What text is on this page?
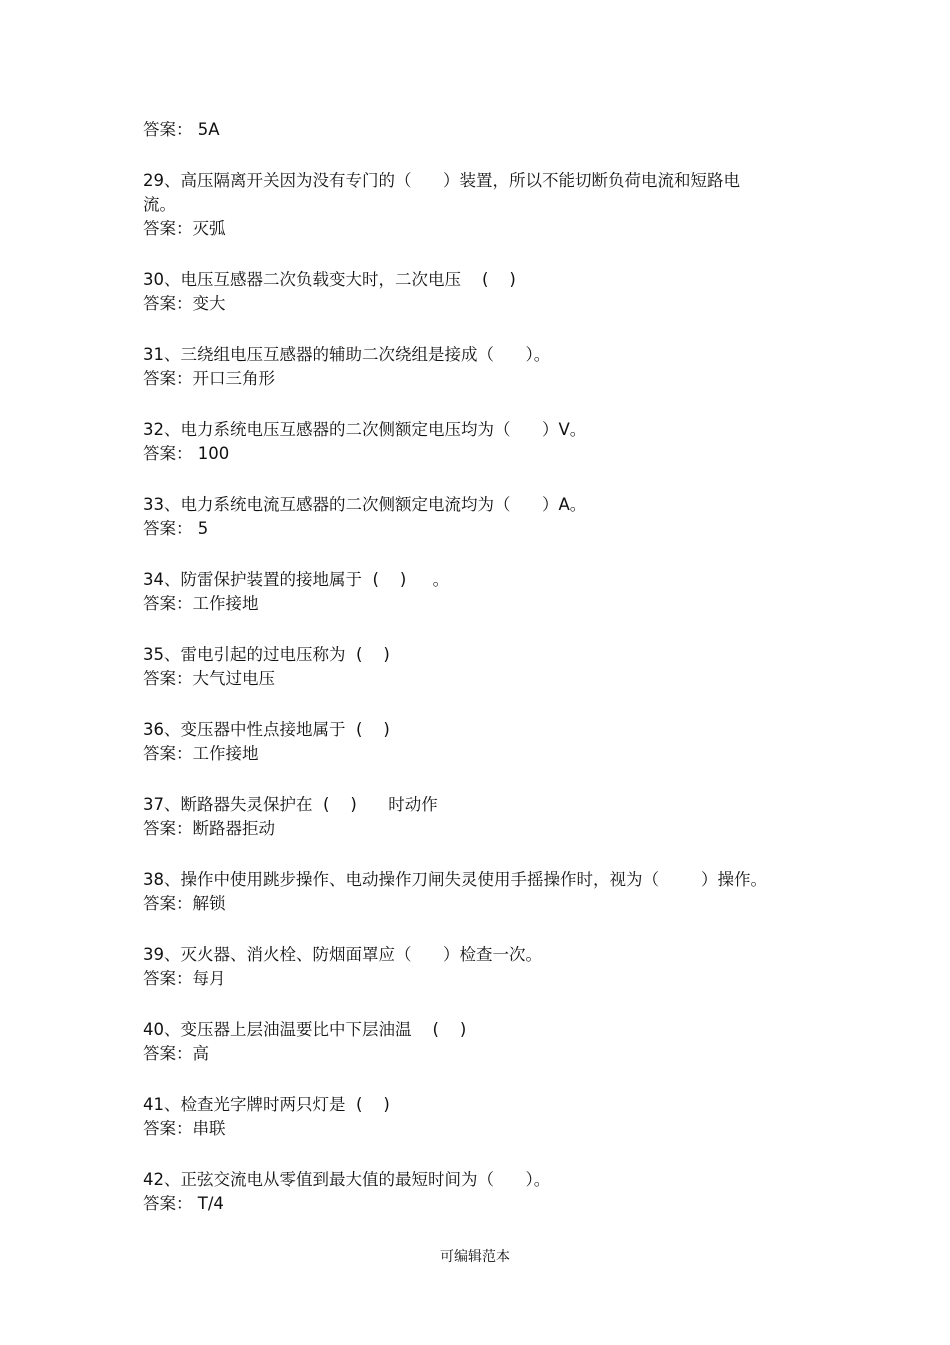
答案： 5A
29、高压隔离开关因为没有专门的（      ）装置，所以不能切断负荷电流和短路电
流。
答案：灭弧
30、电压互感器二次负载变大时，二次电压    (    )
答案：变大
31、三绕组电压互感器的辅助二次绕组是接成（      ）。
答案：开口三角形
32、电力系统电压互感器的二次侧额定电压均为（      ）V。
答案： 100
33、电力系统电流互感器的二次侧额定电流均为（      ）A。
答案： 5
34、防雷保护装置的接地属于  (    )     。
答案：工作接地
35、雷电引起的过电压称为  (    )
答案：大气过电压
36、变压器中性点接地属于  (    )
答案：工作接地
37、断路器失灵保护在  (    )      时动作
答案：断路器拒动
38、操作中使用跳步操作、电动操作刀闸失灵使用手摇操作时，视为（        ）操作。
答案：解锁
39、灭火器、消火栓、防烟面罩应（      ）检查一次。
答案：每月
40、变压器上层油温要比中下层油温    (    )
答案：高
41、检查光字牌时两只灯是  (    )
答案：串联
42、正弦交流电从零值到最大值的最短时间为（      ）。
答案： T/4
可编辑范本
